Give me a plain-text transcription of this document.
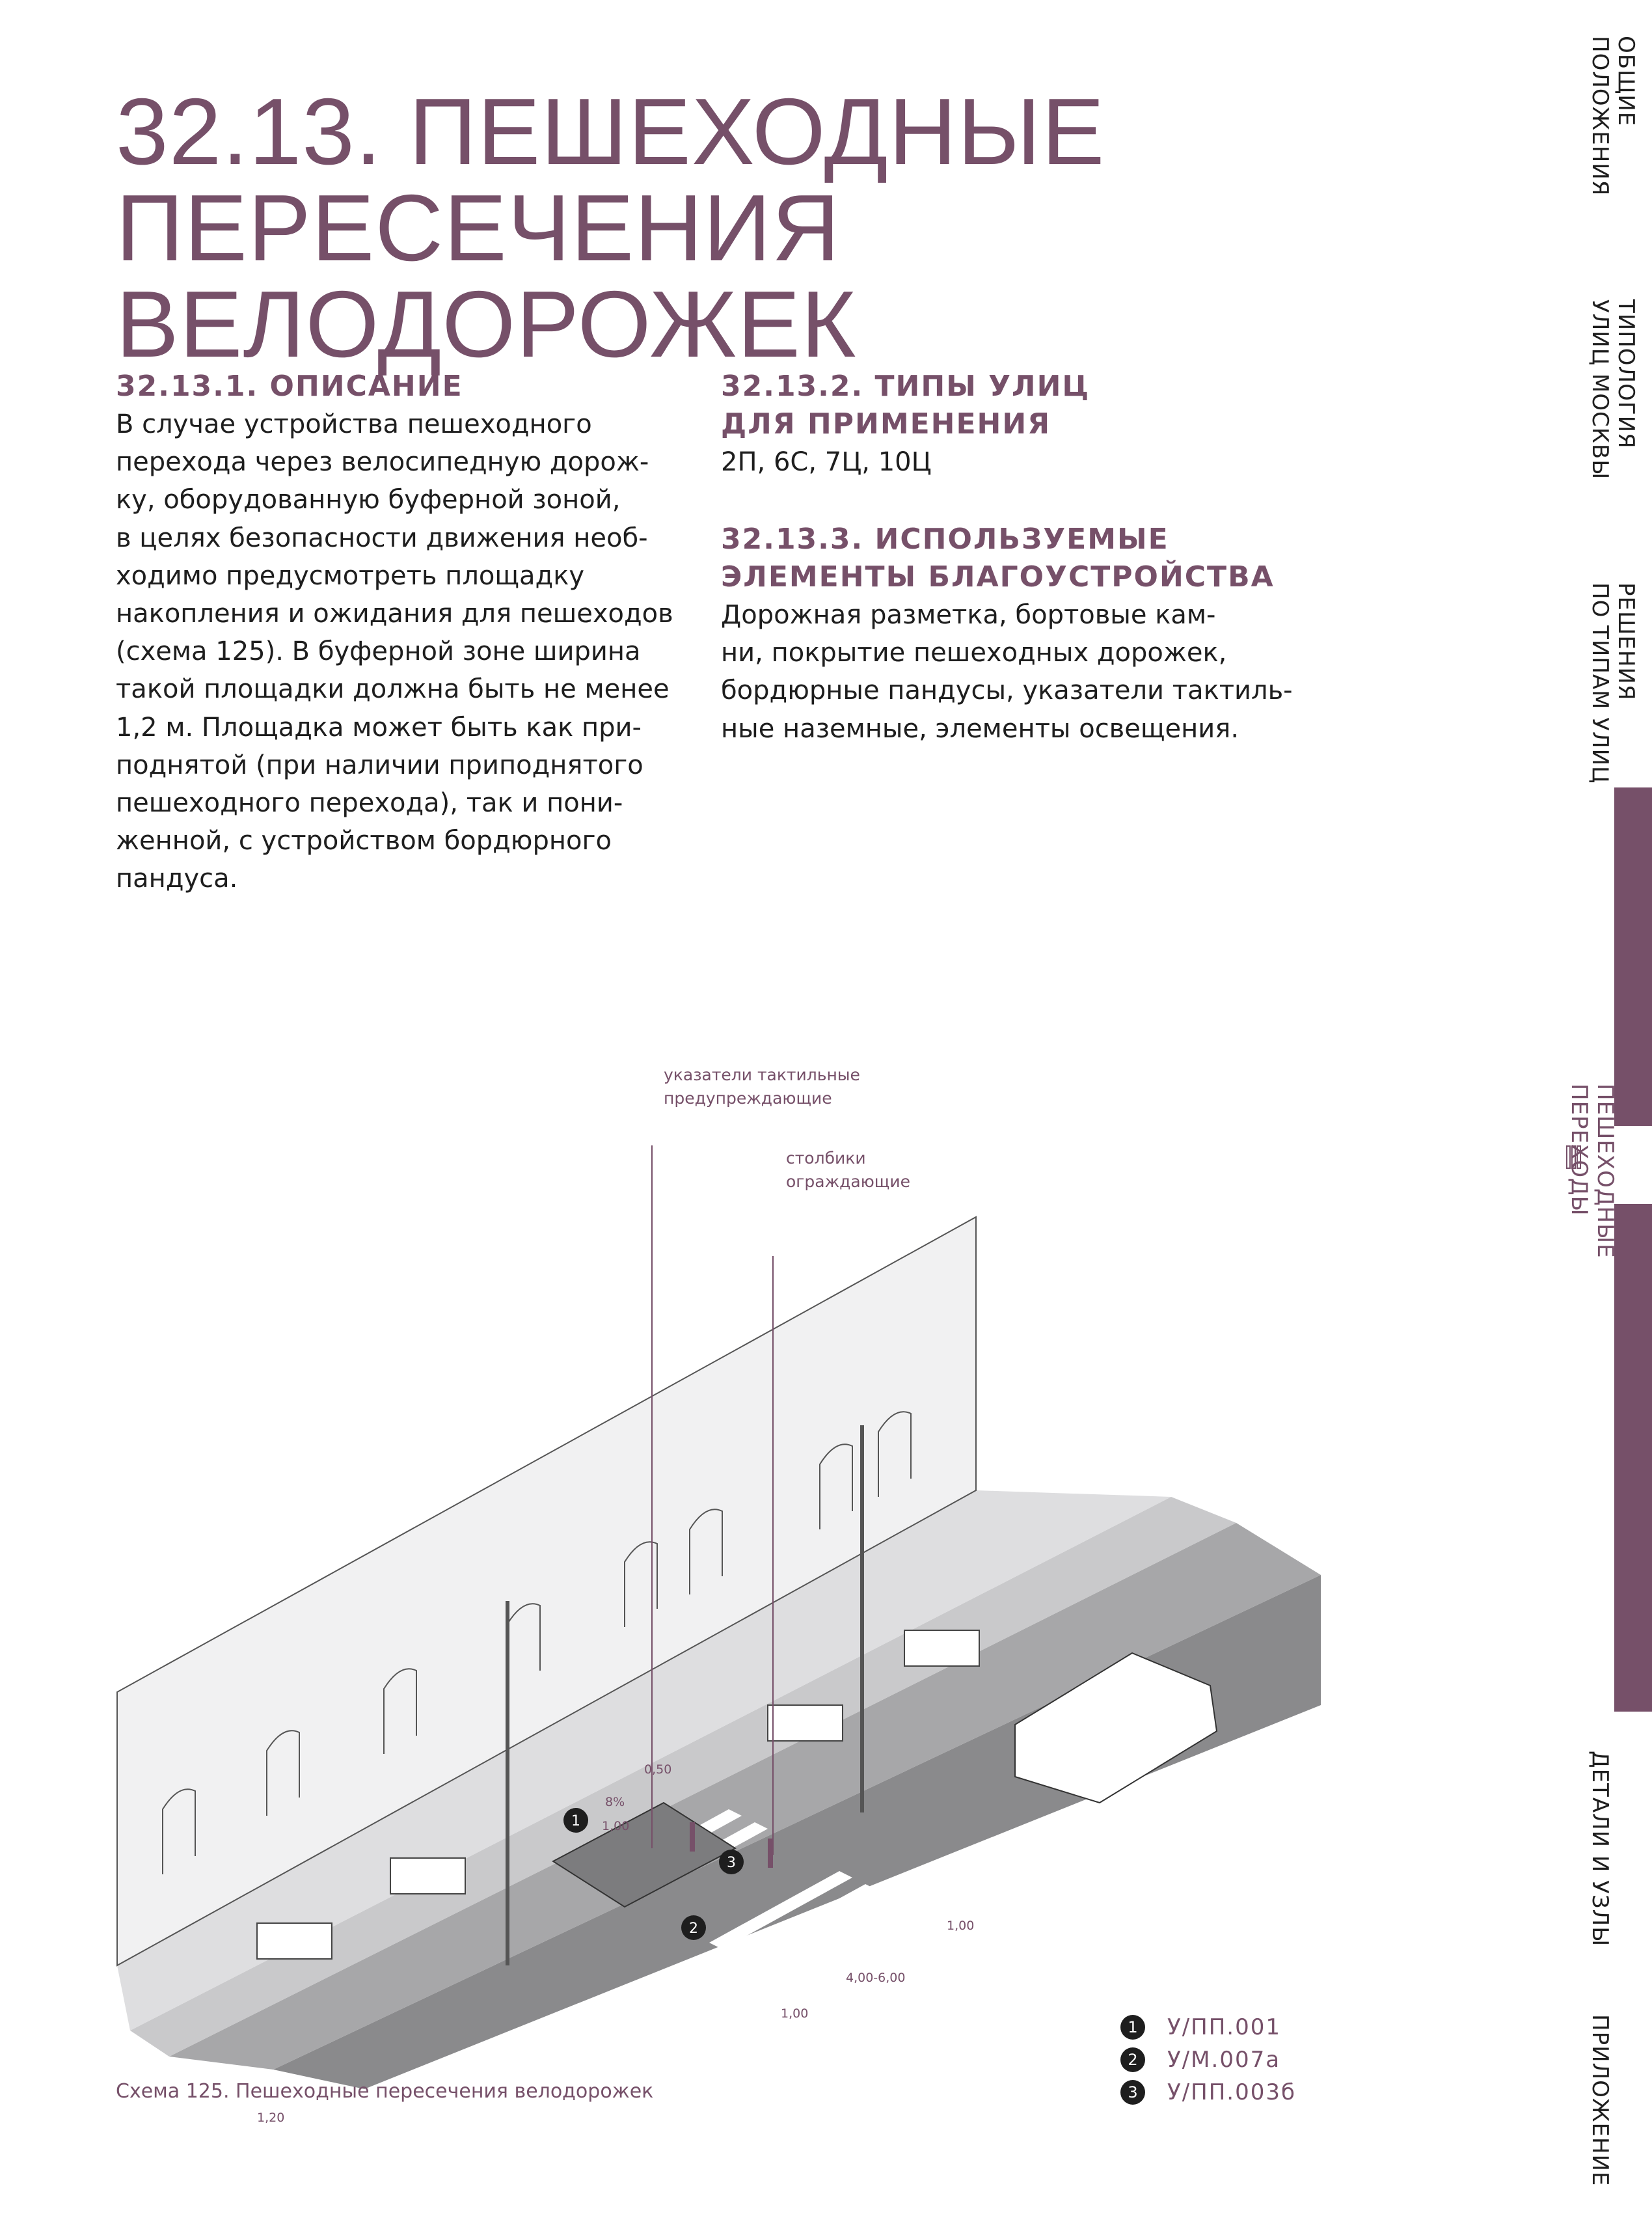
32.13. ПЕШЕХОДНЫЕ
ПЕРЕСЕЧЕНИЯ ВЕЛОДОРОЖЕК
32.13.1. ОПИСАНИЕ
В случае устройства пешеходного
перехода через велосипедную дорож-
ку, оборудованную буферной зоной,
в целях безопасности движения необ-
ходимо предусмотреть площадку
накопления и ожидания для пешеходов
(схема 125). В буферной зоне ширина
такой площадки должна быть не менее
1,2 м. Площадка может быть как при-
поднятой (при наличии приподнятого
пешеходного перехода), так и пони-
женной, с устройством бордюрного
пандуса.
32.13.2. ТИПЫ УЛИЦ
ДЛЯ ПРИМЕНЕНИЯ

2П, 6С, 7Ц, 10Ц

32.13.3. ИСПОЛЬЗУЕМЫЕ
ЭЛЕМЕНТЫ БЛАГОУСТРОЙСТВА
Дорожная разметка, бортовые кам-
ни, покрытие пешеходных дорожек,
бордюрные пандусы, указатели тактиль-
ные наземные, элементы освещения.
ОБЩИЕ
ПОЛОЖЕНИЯ
ТИПОЛОГИЯ
УЛИЦ МОСКВЫ
РЕШЕНИЯ
ПО ТИПАМ УЛИЦ
ПЕШЕХОДНЫЕ
ПЕРЕХОДЫ
ДЕТАЛИ И УЗЛЫ
ПРИЛОЖЕНИЕ
указатели тактильные
предупреждающие
столбики
ограждающие
1,00
4,00-6,00
1,00
1,20
8%
0,50
1,00
1
2
3
Схема 125. Пешеходные пересечения велодорожек
1	У/ПП.001
2	У/М.007а
3	У/ПП.003б
